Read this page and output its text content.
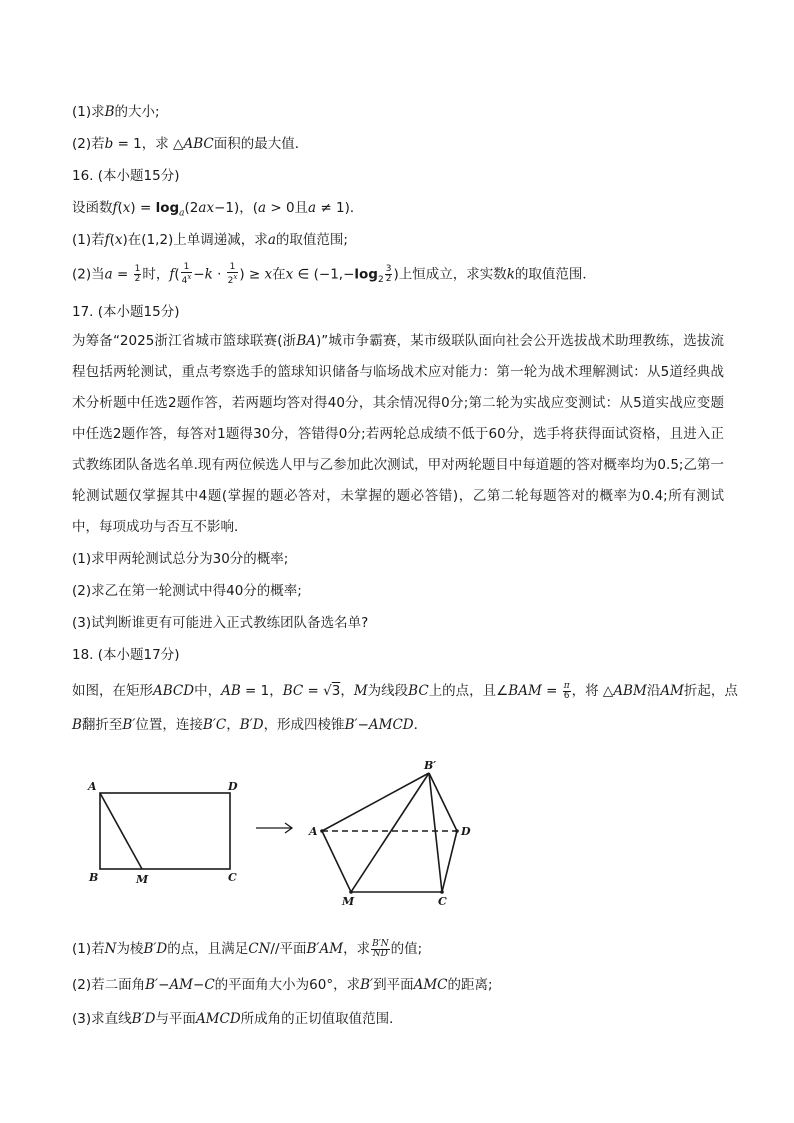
(1)求B的大小;
(2)若b = 1，求 △ABC面积的最大值．
16. (本小题15分)
设函数$f(x) = \log_a(2ax-1)$，(a > 0且a ≠ 1)．
(1)若f(x)在(1,2)上单调递减，求a的取值范围;
(2)当$a = \frac{1}{2}$ 时，$f( \frac{1}{4^x} -k \cdot \frac{1}{2^x}$ ) ≥ x在x ∈ ($-1,-\log_2 \frac{3}{2}$ )上恒成立，求实数k的取值范围．
17. (本小题15分)

为筹备“2025浙江省城市篮球联赛(浙BA)”城市争霸赛，某市级联队面向社会公开选拔战术助理教练，选拔流程包括两轮测试，重点考察选手的篮球知识储备与临场战术应对能力：第一轮为战术理解测试：从5道经典战术分析题中任选2题作答，若两题均答对得40分，其余情况得0分;第二轮为实战应变测试：从5道实战应变题中任选2题作答，每答对1题得30分，答错得0分;若两轮总成绩不低于60分，选手将获得面试资格，且进入正式教练团队备选名单.现有两位候选人甲与乙参加此次测试，甲对两轮题目中每道题的答对概率均为0.5;乙第一轮测试题仅掌握其中4题(掌握的题必答对，未掌握的题必答错)，乙第二轮每题答对的概率为0.4;所有测试中，每项成功与否互不影响．

(1)求甲两轮测试总分为30分的概率;
(2)求乙在第一轮测试中得40分的概率;
(3)试判断谁更有可能进入正式教练团队备选名单?
18. (本小题17分)
如图，在矩形ABCD中，AB = 1，BC = √3，M为线段BC上的点，且∠BAM = $\frac{\pi}{6}$ ，将 △ABM沿AM折起，点
B翻折至B′位置，连接B′C，B′D，形成四棱锥B′−AMCD．
A	D
B	M	C
B′
A	D
M	C
(1)若N为棱B′D的点，且满足CN//平面B′AM，求 $\frac{B'N}{ND}$ 的值;
(2)若二面角B′−AM−C的平面角大小为60°，求B′到平面AMC的距离;
(3)求直线B′D与平面AMCD所成角的正切值取值范围．
